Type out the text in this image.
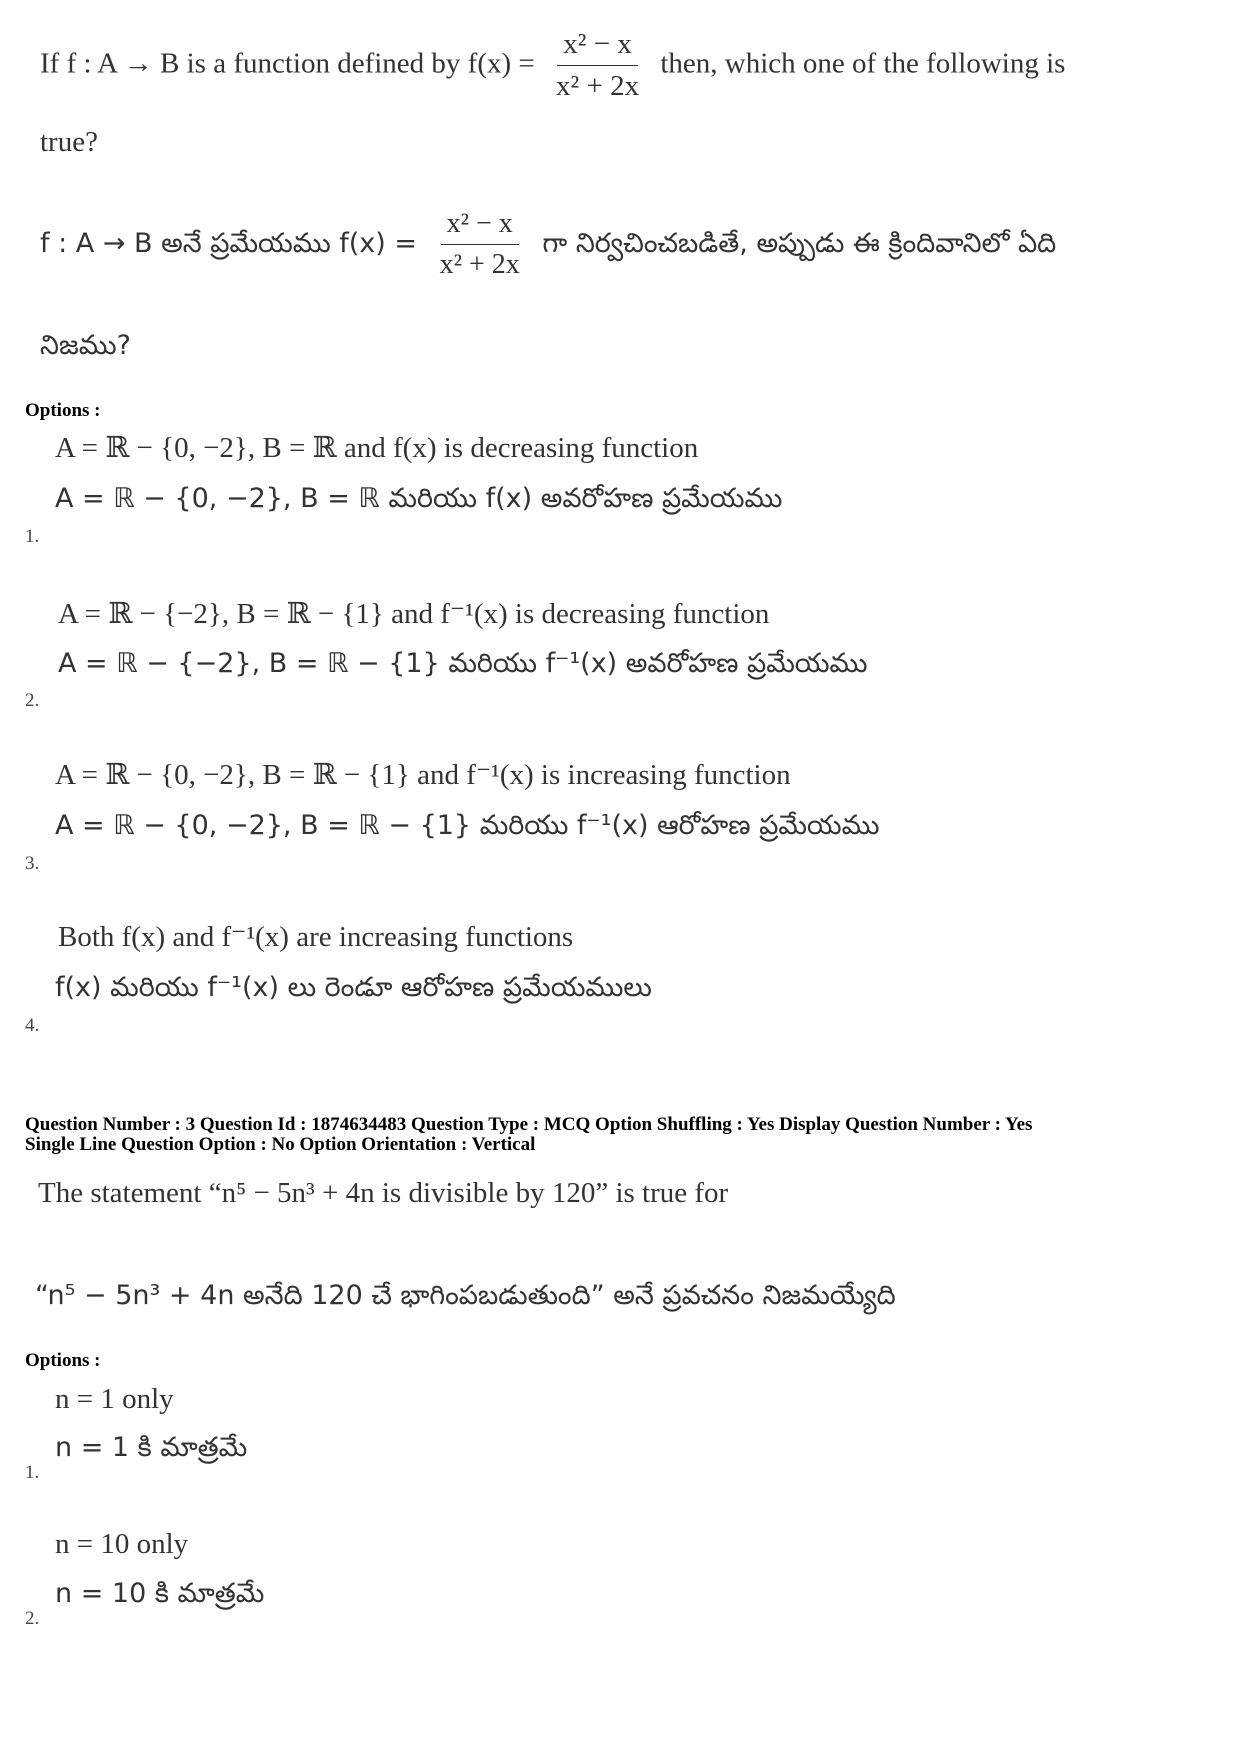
If f : A → B is a function defined by $f(x) = \frac{\text{x² − x}}{\text{x² + 2x}}$ then, which one of the following is
true?
f : A → B అనే ప్రమేయము $f(x) = \frac{\text{x² − x}}{\text{x² + 2x}}$ గా నిర్వచించబడితే, అప్పుడు ఈ క్రిందివానిలో ఏది
నిజము?
Options :
A = ℝ − {0, −2}, B = ℝ and f(x) is decreasing function
A = ℝ − {0, −2}, B = ℝ మరియు f(x) అవరోహణ ప్రమేయము
1.
A = ℝ − {−2}, B = ℝ − {1} and f⁻¹(x) is decreasing function
A = ℝ − {−2}, B = ℝ − {1} మరియు f⁻¹(x) అవరోహణ ప్రమేయము
2.
A = ℝ − {0, −2}, B = ℝ − {1} and f⁻¹(x) is increasing function
A = ℝ − {0, −2}, B = ℝ − {1} మరియు f⁻¹(x) ఆరోహణ ప్రమేయము
3.
Both f(x) and f⁻¹(x) are increasing functions
f(x) మరియు f⁻¹(x) లు రెండూ ఆరోహణ ప్రమేయములు
4.
Question Number : 3 Question Id : 1874634483 Question Type : MCQ Option Shuffling : Yes Display Question Number : Yes
Single Line Question Option : No Option Orientation : Vertical
The statement “n⁵ − 5n³ + 4n is divisible by 120” is true for
“n⁵ − 5n³ + 4n అనేది 120 చే భాగింపబడుతుంది” అనే ప్రవచనం నిజమయ్యేది
Options :
n = 1 only
n = 1 కి మాత్రమే
1.
n = 10 only
n = 10 కి మాత్రమే
2.
